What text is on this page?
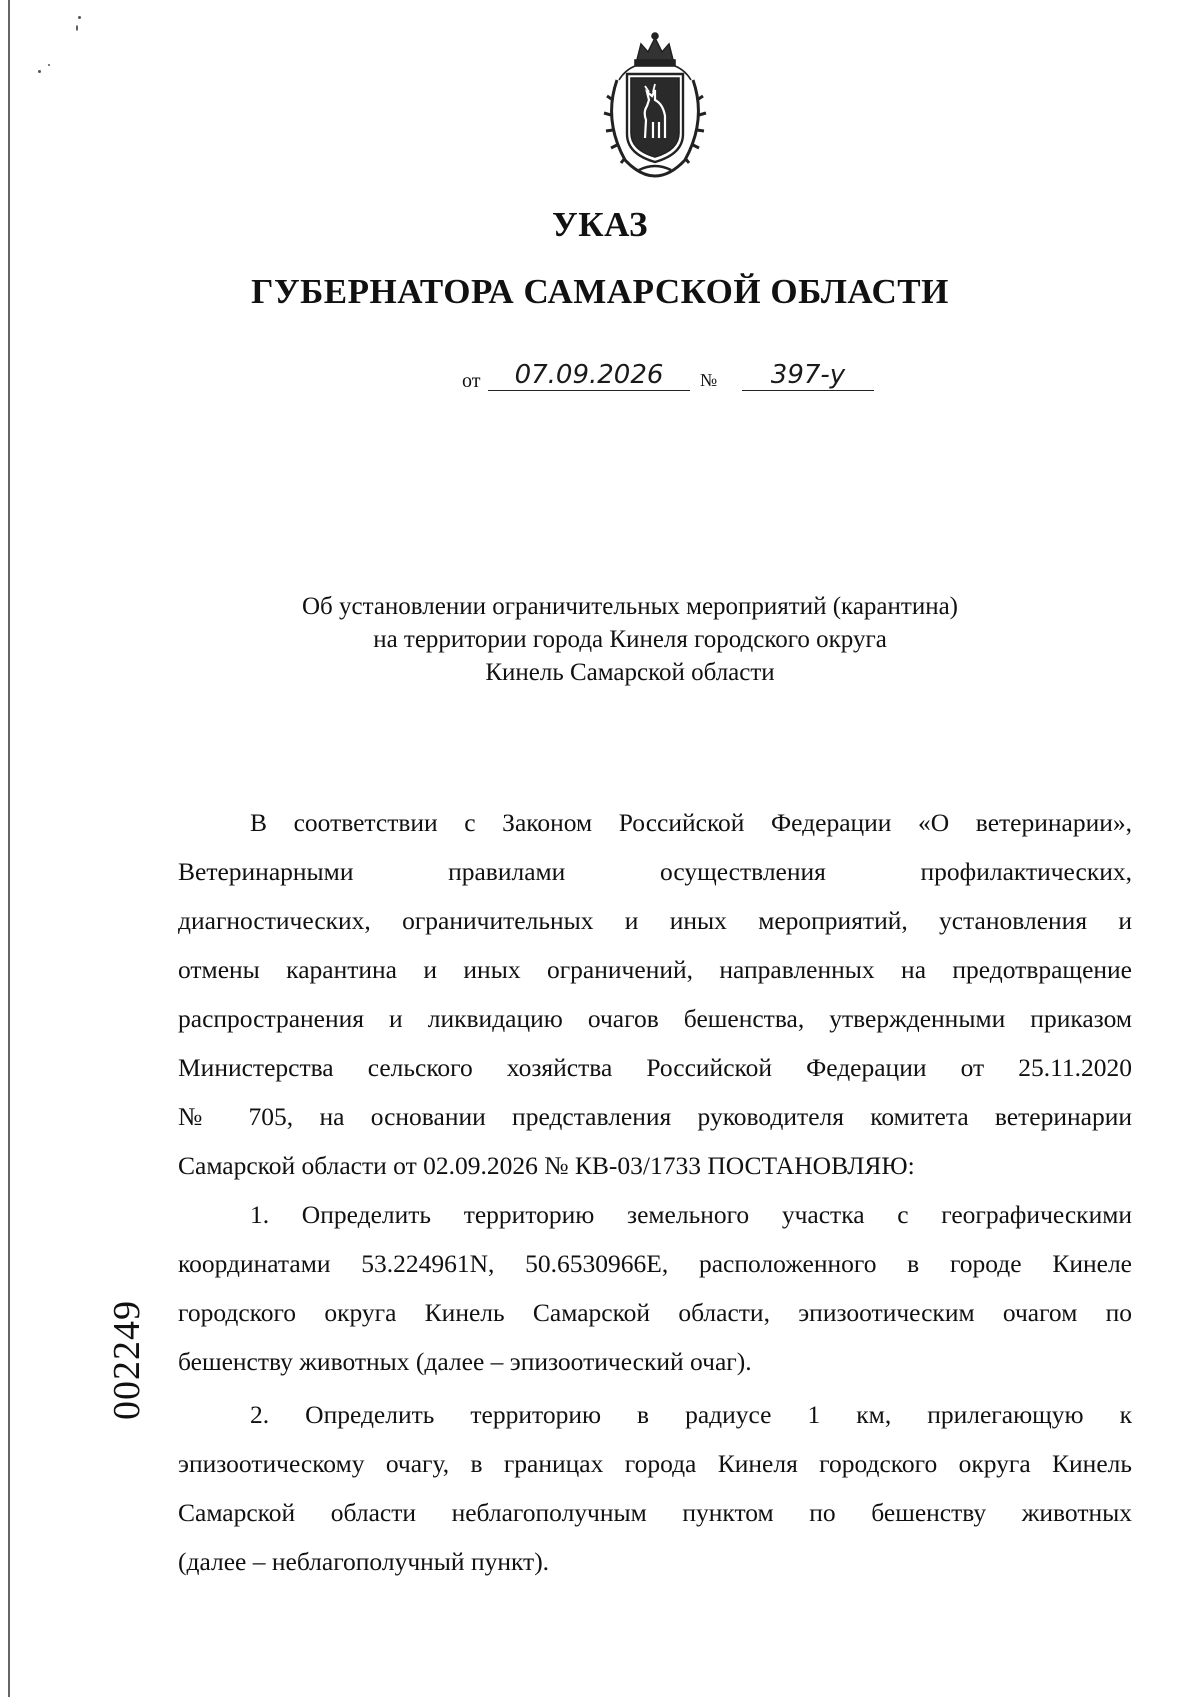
УКАЗ
ГУБЕРНАТОРА САМАРСКОЙ ОБЛАСТИ
от	07.09.2026	№	397-у
Об установлении ограничительных мероприятий (карантина)
на территории города Кинеля городского округа
Кинель Самарской области
В соответствии с Законом Российской Федерации «О ветеринарии»,
Ветеринарными правилами осуществления профилактических,
диагностических, ограничительных и иных мероприятий, установления и
отмены карантина и иных ограничений, направленных на предотвращение
распространения и ликвидацию очагов бешенства, утвержденными приказом
Министерства сельского хозяйства Российской Федерации от 25.11.2020
№ 705, на основании представления руководителя комитета ветеринарии
Самарской области от 02.09.2026 № КВ-03/1733 ПОСТАНОВЛЯЮ:
1. Определить территорию земельного участка с географическими
координатами 53.224961N, 50.6530966E, расположенного в городе Кинеле
городского округа Кинель Самарской области, эпизоотическим очагом по
бешенству животных (далее – эпизоотический очаг).
2. Определить территорию в радиусе 1 км, прилегающую к
эпизоотическому очагу, в границах города Кинеля городского округа Кинель
Самарской области неблагополучным пунктом по бешенству животных
(далее – неблагополучный пункт).
002249
